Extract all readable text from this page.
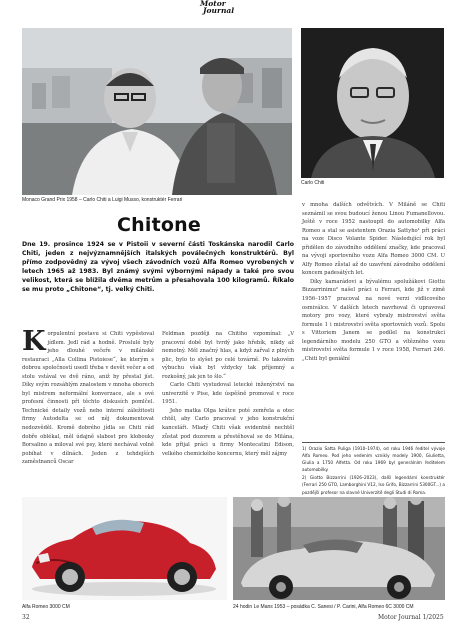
Motor
Journal
Monaco Grand Prix 1958 – Carlo Chiti a Luigi Musso, konstruktér Ferrari
Carlo Chiti
Chitone
Dne 19. prosince 1924 se v Pistoii v severní části Toskánska narodil Carlo Chiti, jeden z nejvýznamnějších italských poválečných konstruktérů. Byl přímo zodpovědný za vývoj všech závodních vozů Alfa Romeo vyrobených v letech 1965 až 1983. Byl známý svými výbornými nápady a také pro svou velikost, která se blížila dvěma metrům a přesahovala 100 kilogramů. Říkalo se mu proto „Chitone“, tj. velký Chiti.

Korpulentní postavu si Chiti vypěstoval jídlem. Jedl rád a hodně. Proslulé byly jeho dlouhé večeře v milánské restauraci „Alla Collina Pistoiese“, ke kterým s dobrou společností usedl třeba v devět večer a od stolu vstával ve dvě ráno, aniž by přestal jíst. Díky svým rozsáhlým znalostem v mnoha oborech byl mistrem neformální konverzace, ale s ové profesní činnosti při těchto diskusích pomlčel. Technické detaily vozů nebo interní záležitosti firmy Autodelta se od něj dokumentovat nedozvěděl. Kromě dobrého jídla se Chiti rád dobře oblékal, měl údajně slabost pro klobouky Borsalino a miloval své psy, které nechával volně pobíhat v dílnách. Jeden z tehdejších zaměstnanců Oscar

Feldman později na Chitiho vzpomínal: „V pracovní době byl tvrdý jako hřebík, nikdy až nemotný. Měl značný hlas, a když zařval z plných plic, bylo to slyšet po celé továrně. Po takovém výbuchu však byl vždycky tak příjemný a rozkošný, jak jen to šlo.“

Carlo Chiti vystudoval letecké inženýrství na univerzitě v Pise, kde úspěšně promoval v roce 1951.

Jeho matka Olga krátce poté zemřela a otec chtěl, aby Carlo pracoval v jeho konstrukční kanceláři. Mladý Chiti však evidentně nechtěl zůstat pod dozorem a přestěhoval se do Milána, kde přijal práci u firmy Montecatini Edison, velkého chemického koncernu, který měl zájmy

v mnoha dalších odvětvích. V Miláně se Chiti seznámil se svou budoucí ženou Linou Fumanellovou. Ještě v roce 1952 nastoupil do automobilky Alfa Romeo a stal se asistentem Orazia Sattyho¹ při práci na voze Disco Volante Spider. Následující rok byl přidělen do závodního oddělení značky, kde pracoval na vývoji sportovního vozu Alfa Romeo 3000 CM. U Alfy Romeo zůstal až do uzavření závodního oddělení koncem padesátých let.

Díky kamarádovi a bývalému spolužákovi Giottu Bizzarrinimu² našel práci u Ferrari, kde již v zimě 1956–1957 pracoval na nové verzi vidlicového osmiválce. V dalších letech navrhoval či upravoval motory pro vozy, které vybraly mistrovství světa formule 1 i mistrovství světa sportovních vozů. Spolu s Vittoriem Janem se podílel na konstrukci legendárního modelu 250 GTO a vítězného vozu mistrovství světa formule 1 v roce 1958, Ferrari 246. „Chiti byl geniální

1) Orazio Satta Puliga (1910–1974), od roku 1946 ředitel vývoje Alfa Romeo. Pod jeho vedením vznikly modely 1900, Giulietta, Giulia a 1750 Alfetta. Od roku 1969 byl generálním ředitelem automobilky.

2) Giotto Bizzarrini (1926–2023), další legendární konstruktér (Ferrari 250 GTO, Lamborghini V12, Iso Grifo, Bizzarrini 5300GT...) a pozdější profesor na slavné Univerzitě degli Studi di Roma.

Alfa Romeo 3000 CM	24 hodin Le Mans 1953 – posádka C. Sanesi / P. Carini, Alfa Romeo 6C 3000 CM
32	Motor Journal 1/2025
